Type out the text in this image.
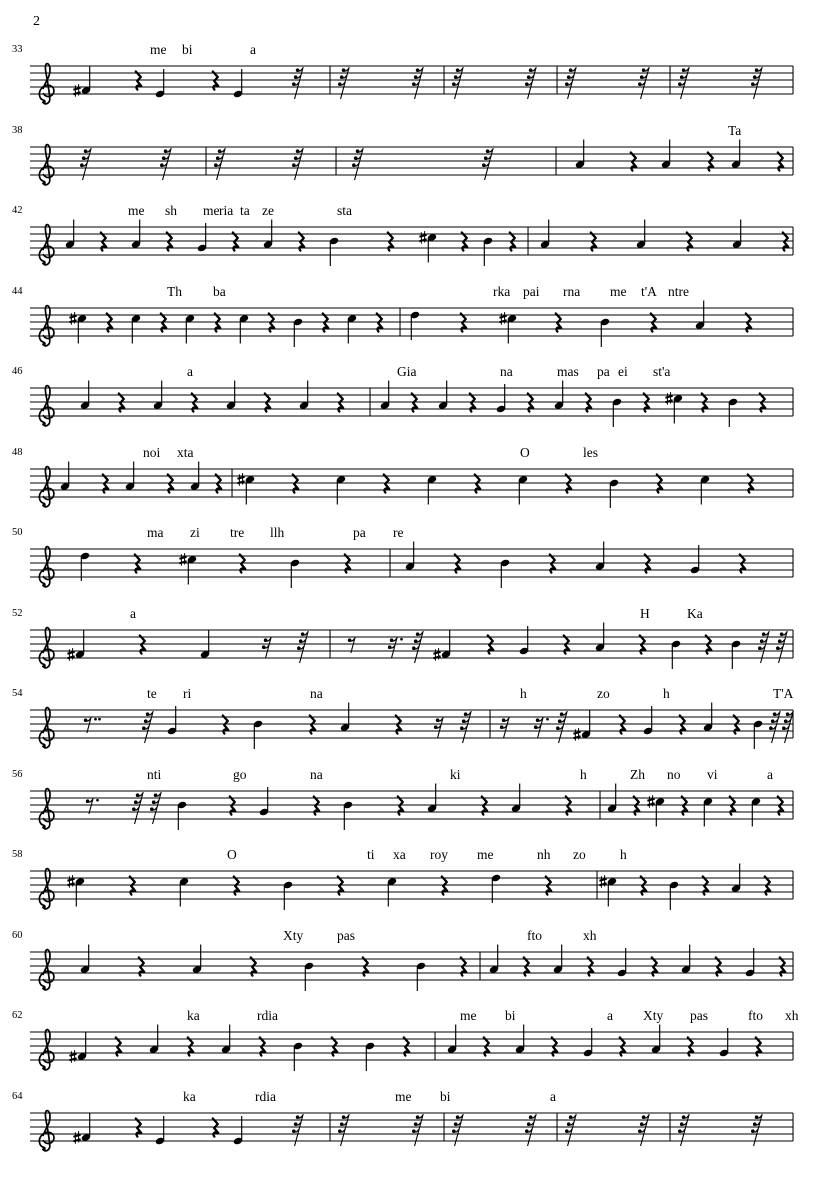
2
33	me bi	a
38	Ta
42	me sh me ria ta ze	sta
44	Th ba	rka pai rna me t'A ntre
46	a	Gia	na	mas pa ei st'a
48	noi xta	O	les
50	ma zi tre llh	pa re
52	a	H	Ka
54	te ri	na	h	zo	h	T'A
56	nti	go	na	ki	h	Zh no vi	a
58	O	ti xa roy me	nh zo	h
60	Xty	pas	fto	xh
62	ka	rdia	me bi	a Xty pas	fto xh
64	ka	rdia	me bi	a
